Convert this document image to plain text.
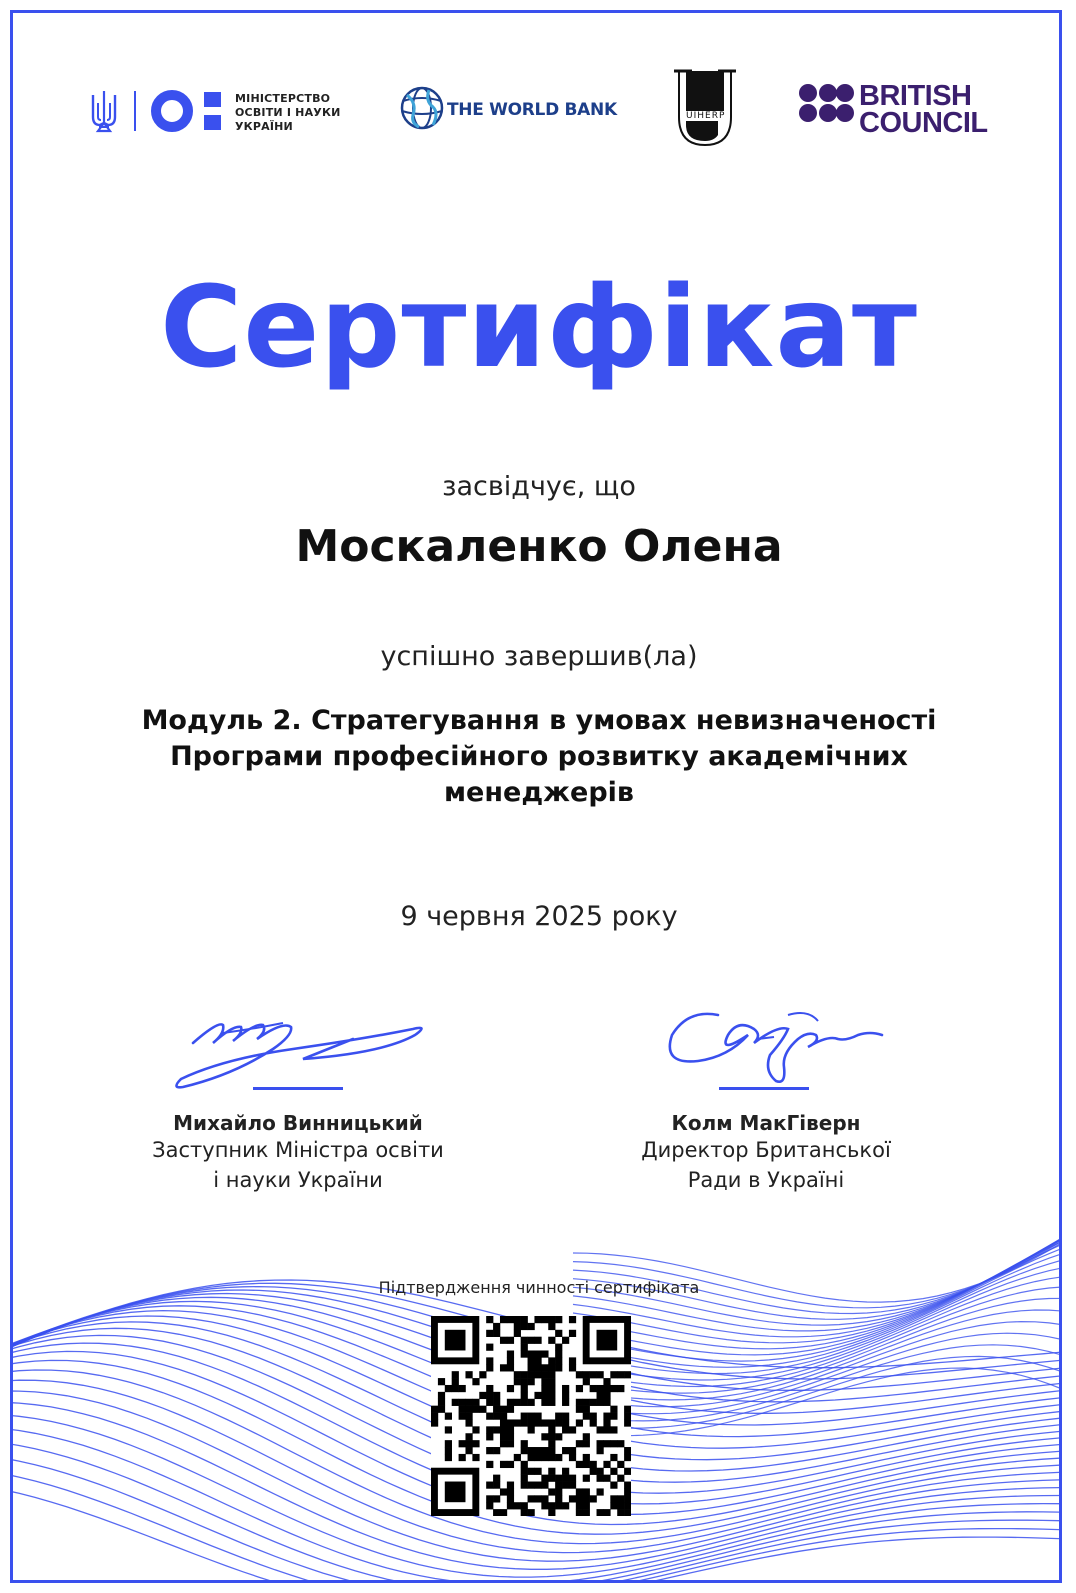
МІНІСТЕРСТВО
ОСВІТИ І НАУКИ
УКРАЇНИ
THE WORLD BANK	UIHERP
BRITISH
COUNCIL
Сертифікат
засвідчує, що
Москаленко Олена
успішно завершив(ла)
Модуль 2. Стратегування в умовах невизначеності
Програми професійного розвитку академічних
менеджерів
9 червня 2025 року
Михайло Винницький
Заступник Міністра освіти
і науки України
Колм МакГіверн
Директор Британської
Ради в Україні
Підтвердження чинності сертифіката
